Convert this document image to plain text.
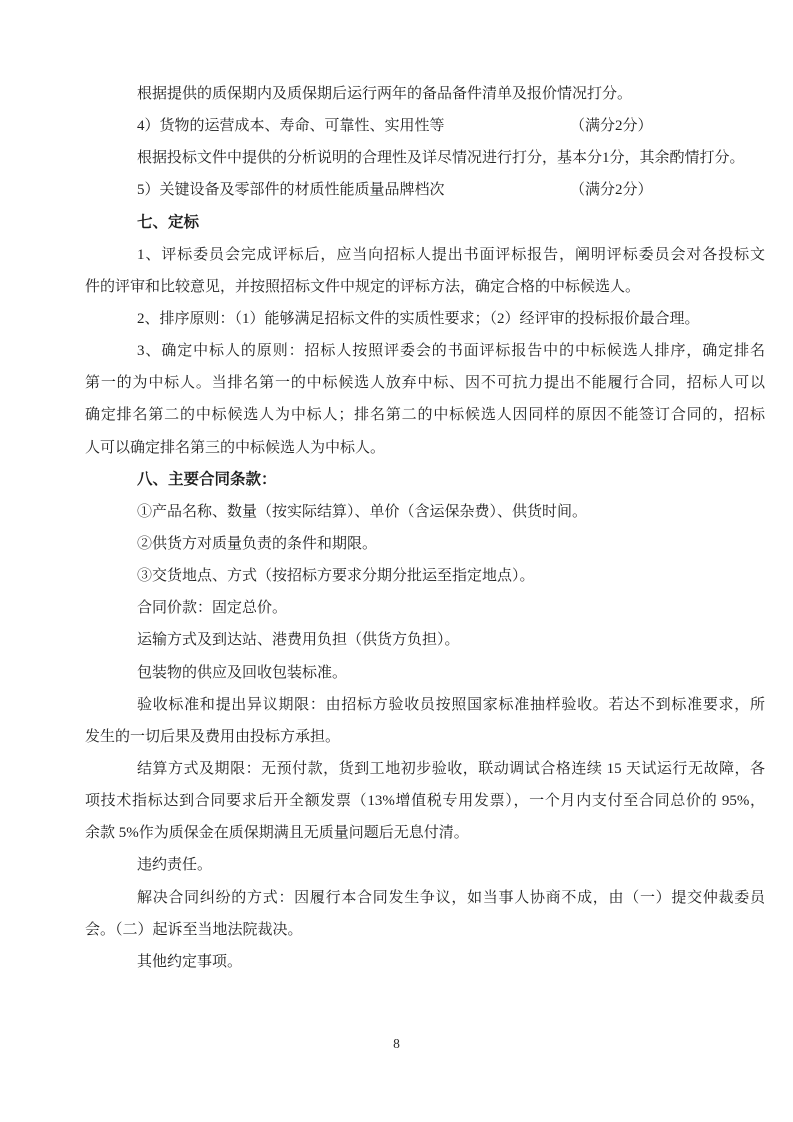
根据提供的质保期内及质保期后运行两年的备品备件清单及报价情况打分。
4）货物的运营成本、寿命、可靠性、实用性等	（满分2分）
根据投标文件中提供的分析说明的合理性及详尽情况进行打分，基本分1分，其余酌情打分。
5）关键设备及零部件的材质性能质量品牌档次	（满分2分）
七、定标
1、评标委员会完成评标后，应当向招标人提出书面评标报告，阐明评标委员会对各投标文
件的评审和比较意见，并按照招标文件中规定的评标方法，确定合格的中标候选人。
2、排序原则：（1）能够满足招标文件的实质性要求；（2）经评审的投标报价最合理。
3、确定中标人的原则：招标人按照评委会的书面评标报告中的中标候选人排序，确定排名
第一的为中标人。当排名第一的中标候选人放弃中标、因不可抗力提出不能履行合同，招标人可以
确定排名第二的中标候选人为中标人；排名第二的中标候选人因同样的原因不能签订合同的，招标
人可以确定排名第三的中标候选人为中标人。
八、主要合同条款：
①产品名称、数量（按实际结算）、单价（含运保杂费）、供货时间。
②供货方对质量负责的条件和期限。
③交货地点、方式（按招标方要求分期分批运至指定地点）。
合同价款：固定总价。
运输方式及到达站、港费用负担（供货方负担）。
包装物的供应及回收包装标准。
验收标准和提出异议期限：由招标方验收员按照国家标准抽样验收。若达不到标准要求，所
发生的一切后果及费用由投标方承担。
结算方式及期限：无预付款，货到工地初步验收，联动调试合格连续 15 天试运行无故障，各
项技术指标达到合同要求后开全额发票（13%增值税专用发票），一个月内支付至合同总价的 95%，
余款 5%作为质保金在质保期满且无质量问题后无息付清。
违约责任。
解决合同纠纷的方式：因履行本合同发生争议，如当事人协商不成，由（一）提交仲裁委员
会。（二）起诉至当地法院裁决。
其他约定事项。
8
